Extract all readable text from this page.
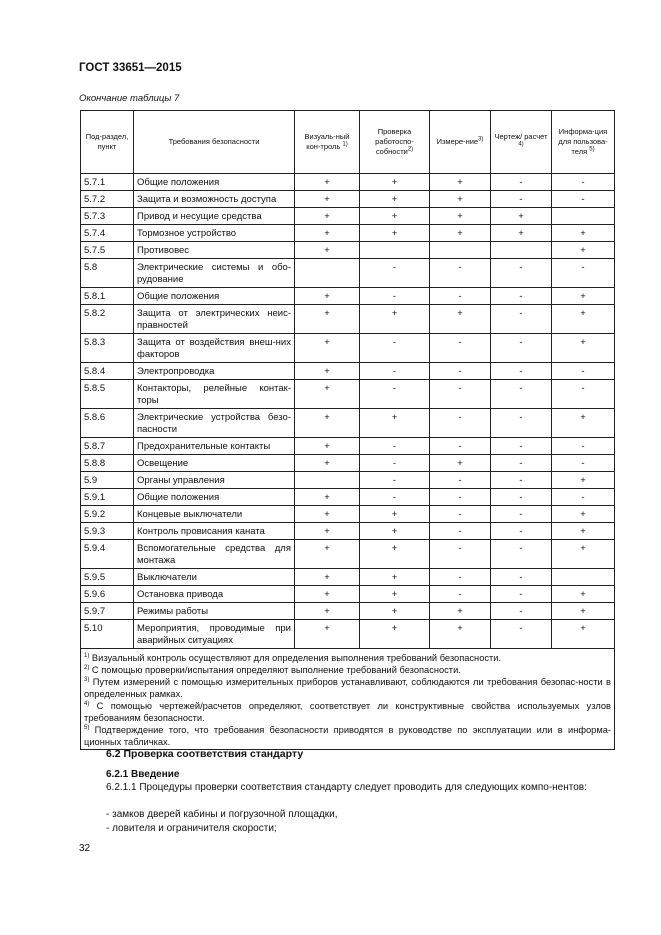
ГОСТ 33651—2015
Окончание таблицы 7
Под-раздел, пункт	Требования безопасности	Визуаль-ный кон-троль $^{1)}$	Проверка работоспо-собности$^{2)}$	Измере-ние$^{3)}$	Чертеж/ расчет $^{4)}$	Информа-ция для пользова-теля $^{5)}$
5.7.1	Общие положения	+	+	+	-	-
5.7.2	Защита и возможность доступа	+	+	+	-	-
5.7.3	Привод и несущие средства	+	+	+	+	
5.7.4	Тормозное устройство	+	+	+	+	+
5.7.5	Противовес	+				+
5.8	Электрические системы и обо-рудование		-	-	-	-
5.8.1	Общие положения	+	-	-	-	+
5.8.2	Защита от электрических неис-правностей	+	+	+	-	+
5.8.3	Защита от воздействия внеш-них факторов	+	-	-	-	+
5.8.4	Электропроводка	+	-	-	-	-
5.8.5	Контакторы, релейные контак-торы	+	-	-	-	-
5.8.6	Электрические устройства безо-пасности	+	+	-	-	+
5.8.7	Предохранительные контакты	+	-	-	-	-
5.8.8	Освещение	+	-	+	-	-
5.9	Органы управления		-	-	-	+
5.9.1	Общие положения	+	-	-	-	-
5.9.2	Концевые выключатели	+	+	-	-	+
5.9.3	Контроль провисания каната	+	+	-	-	+
5.9.4	Вспомогательные средства для монтажа	+	+	-	-	+
5.9.5	Выключатели	+	+	-	-	
5.9.6	Остановка привода	+	+	-	-	+
5.9.7	Режимы работы	+	+	+	-	+
5.10	Мероприятия, проводимые при аварийных ситуациях	+	+	+	-	+

$^{1)}$ Визуальный контроль осуществляют для определения выполнения требований безопасности.
$^{2)}$ С помощью проверки/испытания определяют выполнение требований безопасности.
$^{3)}$ Путем измерений с помощью измерительных приборов устанавливают, соблюдаются ли требования безопас-ности в определенных рамках.
$^{4)}$ С помощью чертежей/расчетов определяют, соответствует ли конструктивные свойства используемых узлов требованиям безопасности.
$^{5)}$ Подтверждение того, что требования безопасности приводятся в руководстве по эксплуатации или в информа-ционных табличках.						
6.2 Проверка соответствия стандарту
6.2.1 Введение
6.2.1.1 Процедуры проверки соответствия стандарту следует проводить для следующих компо-нентов:
- замков дверей кабины и погрузочной площадки,
- ловителя и ограничителя скорости;
32
